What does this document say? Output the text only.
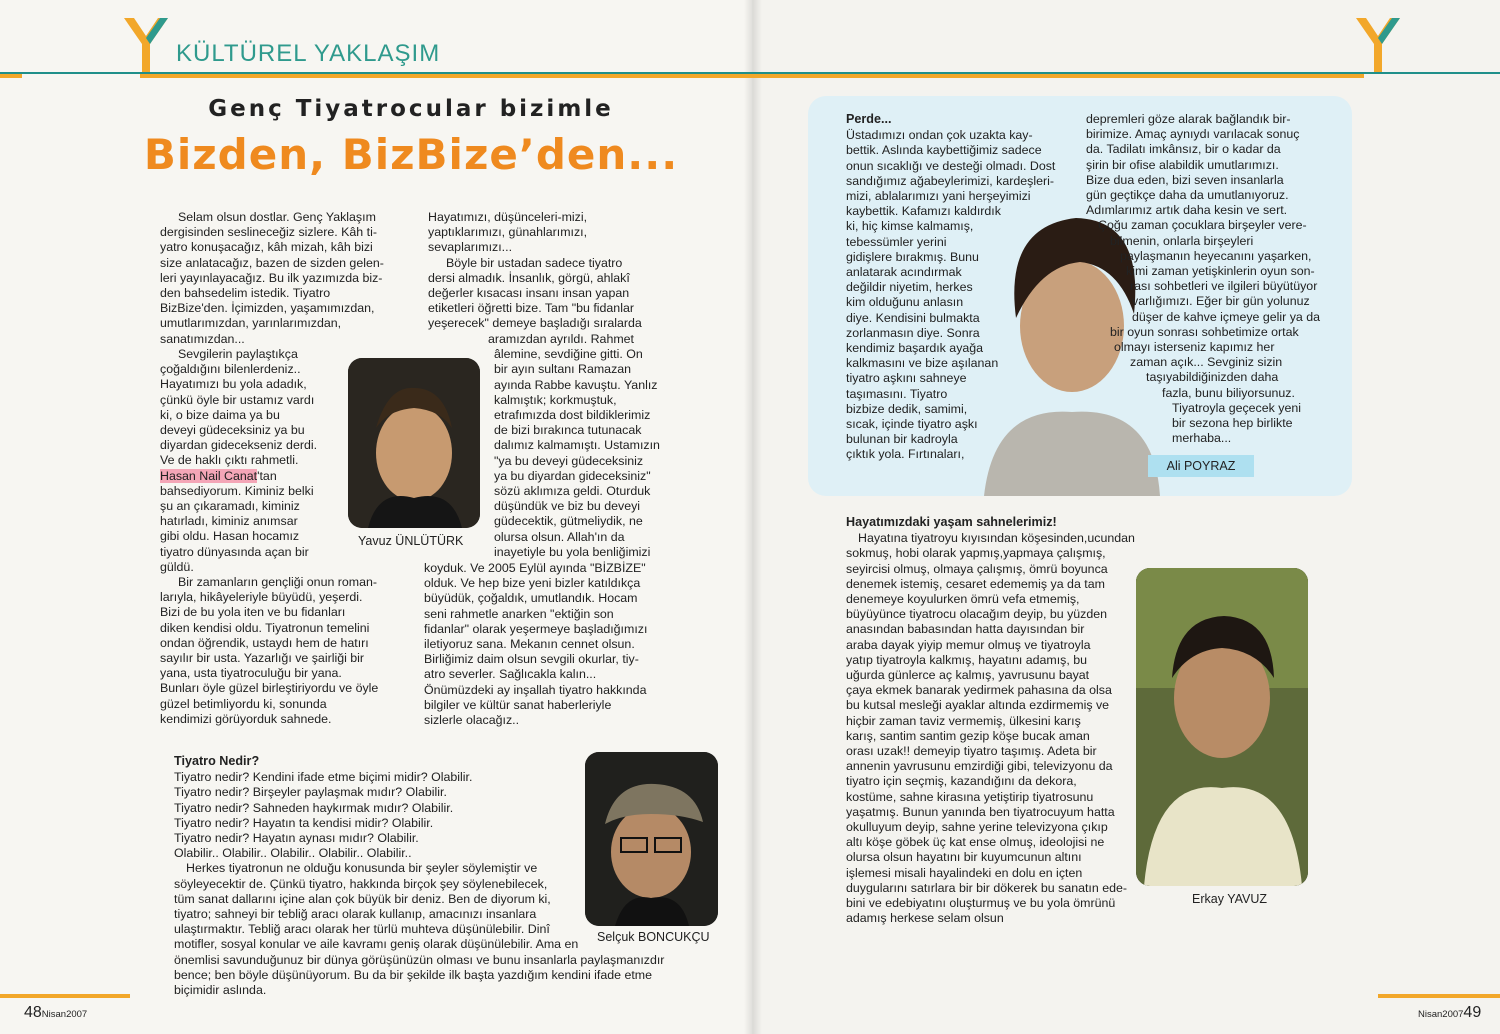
KÜLTÜREL YAKLAŞIM
Genç Tiyatrocular bizimle
Bizden, BizBize’den...
Selam olsun dostlar. Genç Yaklaşım
dergisinden seslineceğiz sizlere. Kâh ti-
yatro konuşacağız, kâh mizah, kâh bizi
size anlatacağız, bazen de sizden gelen-
leri yayınlayacağız. Bu ilk yazımızda biz-
den bahsedelim istedik. Tiyatro
BizBize'den. İçimizden, yaşamımızdan,
umutlarımızdan, yarınlarımızdan,
sanatımızdan...
Sevgilerin paylaştıkça
çoğaldığını bilenlerdeniz..
Hayatımızı bu yola adadık,
çünkü öyle bir ustamız vardı
ki, o bize daima ya bu
deveyi güdeceksiniz ya bu
diyardan gidecekseniz derdi.
Ve de haklı çıktı rahmetli.
Hasan Nail Canat'tan
bahsediyorum. Kiminiz belki
şu an çıkaramadı, kiminiz
hatırladı, kiminiz anımsar
gibi oldu. Hasan hocamız
tiyatro dünyasında açan bir
güldü.
Bir zamanların gençliği onun roman-
larıyla, hikâyeleriyle büyüdü, yeşerdi.
Bizi de bu yola iten ve bu fidanları
diken kendisi oldu. Tiyatronun temelini
ondan öğrendik, ustaydı hem de hatırı
sayılır bir usta. Yazarlığı ve şairliği bir
yana, usta tiyatroculuğu bir yana.
Bunları öyle güzel birleştiriyordu ve öyle
güzel betimliyordu ki, sonunda
kendimizi görüyorduk sahnede.
Yavuz ÜNLÜTÜRK
Hayatımızı, düşünceleri-mizi,
yaptıklarımızı, günahlarımızı,
sevaplarımızı...
Böyle bir ustadan sadece tiyatro
dersi almadık. İnsanlık, görgü, ahlakî
değerler kısacası insanı insan yapan
etiketleri öğretti bize. Tam "bu fidanlar
yeşerecek" demeye başladığı sıralarda
aramızdan ayrıldı. Rahmet
âlemine, sevdiğine gitti. On
bir ayın sultanı Ramazan
ayında Rabbe kavuştu. Yanlız
kalmıştık; korkmuştuk,
etrafımızda dost bildiklerimiz
de bizi bırakınca tutunacak
dalımız kalmamıştı. Ustamızın
"ya bu deveyi güdeceksiniz
ya bu diyardan gideceksiniz"
sözü aklımıza geldi. Oturduk
düşündük ve biz bu deveyi
güdecektik, gütmeliydik, ne
olursa olsun. Allah'ın da
inayetiyle bu yola benliğimizi
koyduk. Ve 2005 Eylül ayında "BİZBİZE"
olduk. Ve hep bize yeni bizler katıldıkça
büyüdük, çoğaldık, umutlandık. Hocam
seni rahmetle anarken "ektiğin son
fidanlar" olarak yeşermeye başladığımızı
iletiyoruz sana. Mekanın cennet olsun.
Birliğimiz daim olsun sevgili okurlar, tiy-
atro severler. Sağlıcakla kalın...
Önümüzdeki ay inşallah tiyatro hakkında
bilgiler ve kültür sanat haberleriyle
sizlerle olacağız..
Tiyatro Nedir?
Tiyatro nedir? Kendini ifade etme biçimi midir? Olabilir.
Tiyatro nedir? Birşeyler paylaşmak mıdır? Olabilir.
Tiyatro nedir? Sahneden haykırmak mıdır? Olabilir.
Tiyatro nedir? Hayatın ta kendisi midir? Olabilir.
Tiyatro nedir? Hayatın aynası mıdır? Olabilir.
Olabilir.. Olabilir.. Olabilir.. Olabilir.. Olabilir..
Herkes tiyatronun ne olduğu konusunda bir şeyler söylemiştir ve
söyleyecektir de. Çünkü tiyatro, hakkında birçok şey söylenebilecek,
tüm sanat dallarını içine alan çok büyük bir deniz. Ben de diyorum ki,
tiyatro; sahneyi bir tebliğ aracı olarak kullanıp, amacınızı insanlara
ulaştırmaktır. Tebliğ aracı olarak her türlü muhteva düşünülebilir. Dinî
motifler, sosyal konular ve aile kavramı geniş olarak düşünülebilir. Ama en
önemlisi savunduğunuz bir dünya görüşünüzün olması ve bunu insanlarla paylaşmanızdır
bence; ben böyle düşünüyorum. Bu da bir şekilde ilk başta yazdığım kendini ifade etme
biçimidir aslında.
Selçuk BONCUKÇU
Perde...
Üstadımızı ondan çok uzakta kay-
bettik. Aslında kaybettiğimiz sadece
onun sıcaklığı ve desteği olmadı. Dost
sandığımız ağabeylerimizi, kardeşleri-
mizi, ablalarımızı yani herşeyimizi
kaybettik. Kafamızı kaldırdık
ki, hiç kimse kalmamış,
tebessümler yerini
gidişlere bırakmış. Bunu
anlatarak acındırmak
değildir niyetim, herkes
kim olduğunu anlasın
diye. Kendisini bulmakta
zorlanmasın diye. Sonra
kendimiz başardık ayağa
kalkmasını ve bize aşılanan
tiyatro aşkını sahneye
taşımasını. Tiyatro
bizbize dedik, samimi,
sıcak, içinde tiyatro aşkı
bulunan bir kadroyla
çıktık yola. Fırtınaları,
depremleri göze alarak bağlandık bir-
birimize. Amaç aynıydı varılacak sonuç
da. Tadilatı imkânsız, bir o kadar da
şirin bir ofise alabildik umutlarımızı.
Bize dua eden, bizi seven insanlarla
gün geçtikçe daha da umutlanıyoruz.
Adımlarımız artık daha kesin ve sert.
Çoğu zaman çocuklara birşeyler vere-
bilmenin, onlarla birşeyleri
paylaşmanın heyecanını yaşarken,
kimi zaman yetişkinlerin oyun son-
rası sohbetleri ve ilgileri büyütüyor
varlığımızı. Eğer bir gün yolunuz
düşer de kahve içmeye gelir ya da
bir oyun sonrası sohbetimize ortak
olmayı isterseniz kapımız her
zaman açık... Sevginiz sizin
taşıyabildiğinizden daha
fazla, bunu biliyorsunuz.
Tiyatroyla geçecek yeni
bir sezona hep birlikte
merhaba...
Ali POYRAZ
Hayatımızdaki yaşam sahnelerimiz!
Hayatına tiyatroyu kıyısından köşesinden,ucundan
sokmuş, hobi olarak yapmış,yapmaya çalışmış,
seyircisi olmuş, olmaya çalışmış, ömrü boyunca
denemek istemiş, cesaret edememiş ya da tam
denemeye koyulurken ömrü vefa etmemiş,
büyüyünce tiyatrocu olacağım deyip, bu yüzden
anasından babasından hatta dayısından bir
araba dayak yiyip memur olmuş ve tiyatroyla
yatıp tiyatroyla kalkmış, hayatını adamış, bu
uğurda günlerce aç kalmış, yavrusunu bayat
çaya ekmek banarak yedirmek pahasına da olsa
bu kutsal mesleği ayaklar altında ezdirmemiş ve
hiçbir zaman taviz vermemiş, ülkesini karış
karış, santim santim gezip köşe bucak aman
orası uzak!! demeyip tiyatro taşımış. Adeta bir
annenin yavrusunu emzirdiği gibi, televizyonu da
tiyatro için seçmiş, kazandığını da dekora,
kostüme, sahne kirasına yetiştirip tiyatrosunu
yaşatmış. Bunun yanında ben tiyatrocuyum hatta
okulluyum deyip, sahne yerine televizyona çıkıp
altı köşe göbek üç kat ense olmuş, ideolojisi ne
olursa olsun hayatını bir kuyumcunun altını
işlemesi misali hayalindeki en dolu en içten
duygularını satırlara bir bir dökerek bu sanatın ede-
bini ve edebiyatını oluşturmuş ve bu yola ömrünü
adamış herkese selam olsun
Erkay YAVUZ
48Nisan2007	Nisan200749
